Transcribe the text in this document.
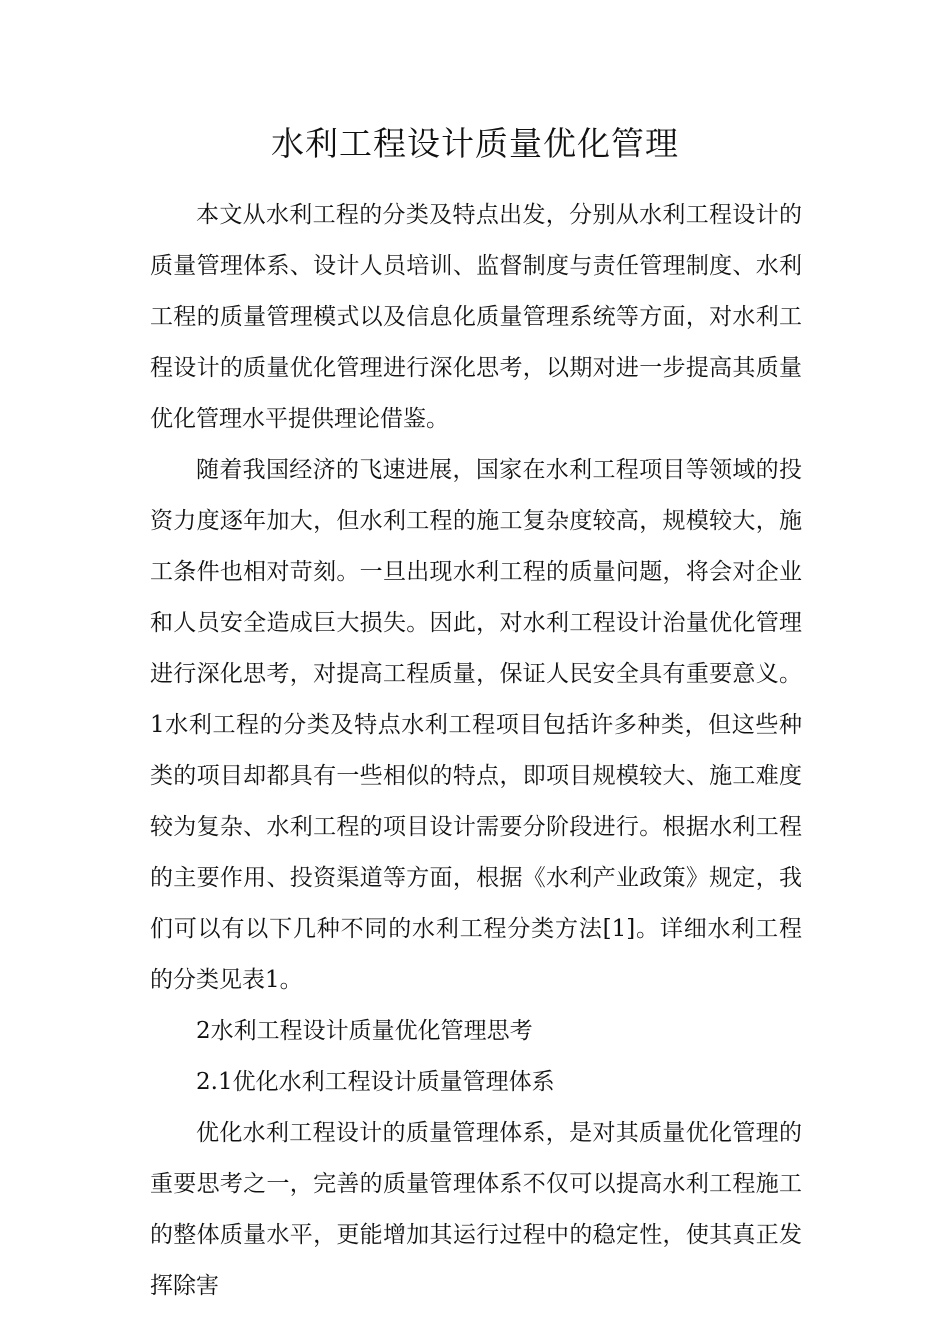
水利工程设计质量优化管理

本文从水利工程的分类及特点出发，分别从水利工程设计的质量管理体系、设计人员培训、监督制度与责任管理制度、水利工程的质量管理模式以及信息化质量管理系统等方面，对水利工程设计的质量优化管理进行深化思考，以期对进一步提高其质量优化管理水平提供理论借鉴。

随着我国经济的飞速进展，国家在水利工程项目等领域的投资力度逐年加大，但水利工程的施工复杂度较高，规模较大，施工条件也相对苛刻。一旦出现水利工程的质量问题，将会对企业和人员安全造成巨大损失。因此，对水利工程设计治量优化管理进行深化思考，对提高工程质量，保证人民安全具有重要意义。1水利工程的分类及特点水利工程项目包括许多种类，但这些种类的项目却都具有一些相似的特点，即项目规模较大、施工难度较为复杂、水利工程的项目设计需要分阶段进行。根据水利工程的主要作用、投资渠道等方面，根据《水利产业政策》规定，我们可以有以下几种不同的水利工程分类方法[1]。详细水利工程的分类见表1。

2水利工程设计质量优化管理思考

2.1优化水利工程设计质量管理体系

优化水利工程设计的质量管理体系，是对其质量优化管理的重要思考之一，完善的质量管理体系不仅可以提高水利工程施工的整体质量水平，更能增加其运行过程中的稳定性，使其真正发挥除害
